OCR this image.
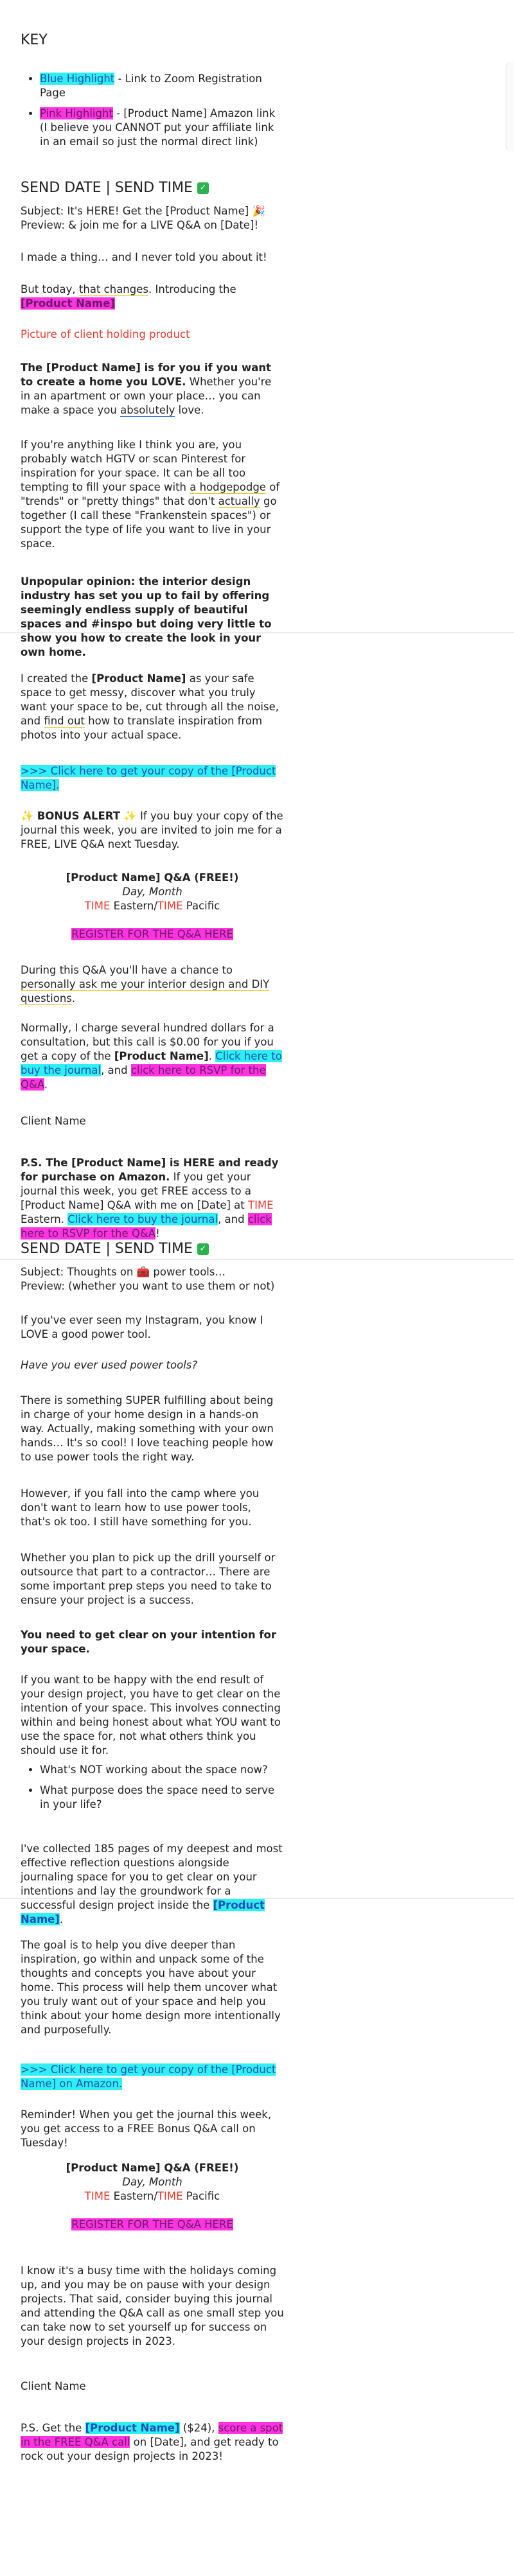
KEY
• Blue Highlight - Link to Zoom Registration Page
• Pink Highlight - [Product Name] Amazon link (I believe you CANNOT put your affiliate link in an email so just the normal direct link)
SEND DATE | SEND TIME ✓

Subject: It's HERE! Get the [Product Name] 🎉

Preview: & join me for a LIVE Q&A on [Date]!

I made a thing… and I never told you about it!

But today, that changes. Introducing the
[Product Name]

Picture of client holding product

The [Product Name] is for you if you want to create a home you LOVE. Whether you're in an apartment or own your place… you can make a space you absolutely love.

If you're anything like I think you are, you probably watch HGTV or scan Pinterest for inspiration for your space. It can be all too tempting to fill your space with a hodgepodge of "trends" or "pretty things" that don't actually go together (I call these "Frankenstein spaces") or support the type of life you want to live in your space.

Unpopular opinion: the interior design industry has set you up to fail by offering seemingly endless supply of beautiful spaces and #inspo but doing very little to show you how to create the look in your own home.

I created the [Product Name] as your safe space to get messy, discover what you truly want your space to be, cut through all the noise, and find out how to translate inspiration from photos into your actual space.

>>> Click here to get your copy of the [Product Name].

✨ BONUS ALERT ✨ If you buy your copy of the journal this week, you are invited to join me for a FREE, LIVE Q&A next Tuesday.

[Product Name] Q&A (FREE!)

Day, Month

TIME Eastern/TIME Pacific

REGISTER FOR THE Q&A HERE

During this Q&A you'll have a chance to personally ask me your interior design and DIY questions.

Normally, I charge several hundred dollars for a consultation, but this call is $0.00 for you if you get a copy of the [Product Name]. Click here to buy the journal, and click here to RSVP for the Q&A.

Client Name

P.S. The [Product Name] is HERE and ready for purchase on Amazon. If you get your journal this week, you get FREE access to a [Product Name] Q&A with me on [Date] at TIME Eastern. Click here to buy the journal, and click here to RSVP for the Q&A!

SEND DATE | SEND TIME ✓

Subject: Thoughts on 🧰 power tools…

Preview: (whether you want to use them or not)

If you've ever seen my Instagram, you know I LOVE a good power tool.

Have you ever used power tools?

There is something SUPER fulfilling about being in charge of your home design in a hands-on way. Actually, making something with your own hands… It's so cool! I love teaching people how to use power tools the right way.

However, if you fall into the camp where you don't want to learn how to use power tools, that's ok too. I still have something for you.

Whether you plan to pick up the drill yourself or outsource that part to a contractor… There are some important prep steps you need to take to ensure your project is a success.

You need to get clear on your intention for your space.

If you want to be happy with the end result of your design project, you have to get clear on the intention of your space. This involves connecting within and being honest about what YOU want to use the space for, not what others think you should use it for.

• What's NOT working about the space now?
• What purpose does the space need to serve in your life?

I've collected 185 pages of my deepest and most effective reflection questions alongside journaling space for you to get clear on your intentions and lay the groundwork for a successful design project inside the [Product Name].

The goal is to help you dive deeper than inspiration, go within and unpack some of the thoughts and concepts you have about your home. This process will help them uncover what you truly want out of your space and help you think about your home design more intentionally and purposefully.

>>> Click here to get your copy of the [Product Name] on Amazon.

Reminder! When you get the journal this week, you get access to a FREE Bonus Q&A call on Tuesday!

[Product Name] Q&A (FREE!)

Day, Month

TIME Eastern/TIME Pacific

REGISTER FOR THE Q&A HERE

I know it's a busy time with the holidays coming up, and you may be on pause with your design projects. That said, consider buying this journal and attending the Q&A call as one small step you can take now to set yourself up for success on your design projects in 2023.

Client Name

P.S. Get the [Product Name] ($24), score a spot in the FREE Q&A call on [Date], and get ready to rock out your design projects in 2023!
